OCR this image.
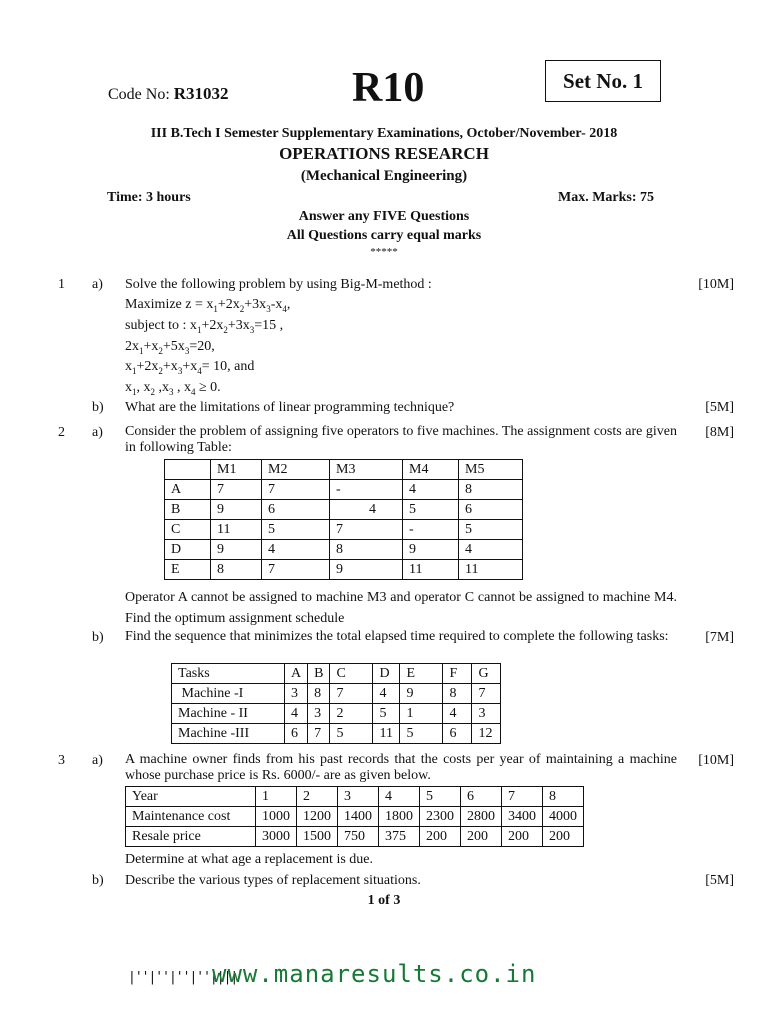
Code No: R31032	R10	Set No. 1
III B.Tech I Semester Supplementary Examinations, October/November- 2018
OPERATIONS RESEARCH
(Mechanical Engineering)
Time: 3 hours	Max. Marks: 75
Answer any FIVE Questions
All Questions carry equal marks
*****
1 a) Solve the following problem by using Big-M-method :	[10M]
Maximize $z = x_1+2x_2+3x_3-x_4$,
subject to : $x_1+2x_2+3x_3=15$ ,
$2x_1+x_2+5x_3=20$,
$x_1+2x_2+x_3+x_4= 10$, and
$x_1$, $x_2$ $,x_3$ , $x_4 \ge 0$.
b) What are the limitations of linear programming technique?	[5M]
2 a) Consider the problem of assigning five operators to five machines. The assignment costs are given in following Table:
[8M]
	M1	M2	M3	M4	M5
A	7	7	-	4	8
B	9	6	4	5	6
C	11	5	7	-	5
D	9	4	8	9	4
E	8	7	9	11	11
Operator A cannot be assigned to machine M3 and operator C cannot be assigned to machine M4. Find the optimum assignment schedule
b) Find the sequence that minimizes the total elapsed time required to complete the following tasks:	[7M]
Tasks	A	B	C	D	E	F	G
Machine -I	3	8	7	4	9	8	7
Machine - II	4	3	2	5	1	4	3
Machine -III	6	7	5	11	5	6	12
3 a) A machine owner finds from his past records that the costs per year of maintaining a machine whose purchase price is Rs. 6000/- are as given below.
[10M]
Year	1	2	3	4	5	6	7	8
Maintenance cost	1000	1200	1400	1800	2300	2800	3400	4000
Resale price	3000	1500	750	375	200	200	200	200
Determine at what age a replacement is due.
b) Describe the various types of replacement situations.	[5M]
1 of 3
|''|''|''|''||||
www.manaresults.co.in
